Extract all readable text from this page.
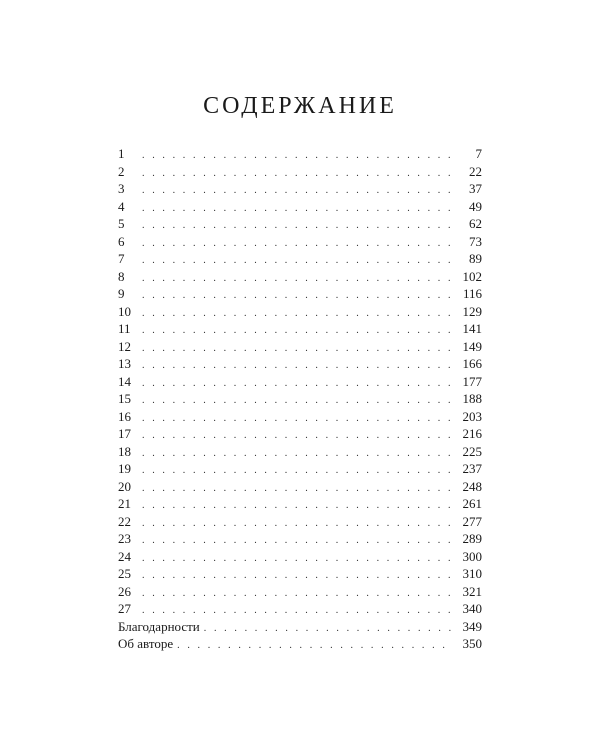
СОДЕРЖАНИЕ
1 . . .	7
2 . . .	22
3 . . .	37
4 . . .	49
5 . . .	62
6 . . .	73
7 . . .	89
8 . . .	102
9 . . .	116
10 . . .	129
11 . . .	141
12 . . .	149
13 . . .	166
14 . . .	177
15 . . .	188
16 . . .	203
17 . . .	216
18 . . .	225
19 . . .	237
20 . . .	248
21 . . .	261
22 . . .	277
23 . . .	289
24 . . .	300
25 . . .	310
26 . . .	321
27 . . .	340
Благодарности . . .	349
Об авторе . . .	350
